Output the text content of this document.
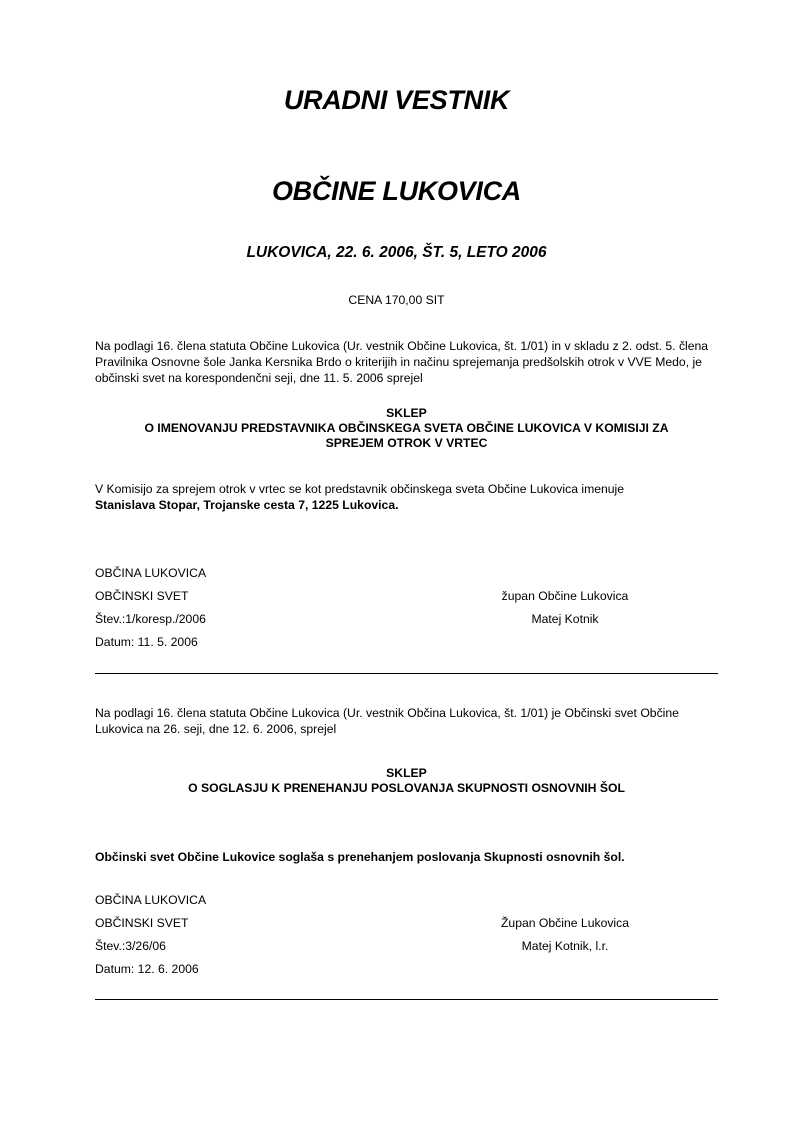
URADNI VESTNIK
OBČINE LUKOVICA
LUKOVICA, 22. 6. 2006, ŠT. 5, LETO 2006
CENA 170,00 SIT
Na podlagi 16. člena statuta Občine Lukovica (Ur. vestnik Občine Lukovica, št. 1/01) in v skladu z 2. odst. 5. člena Pravilnika Osnovne šole Janka Kersnika Brdo o kriterijih in načinu sprejemanja predšolskih otrok v VVE Medo, je občinski svet na korespondenčni seji, dne 11. 5. 2006 sprejel
SKLEP
O IMENOVANJU PREDSTAVNIKA OBČINSKEGA SVETA OBČINE LUKOVICA V KOMISIJI ZA
SPREJEM OTROK V VRTEC
V Komisijo za sprejem otrok v vrtec se kot predstavnik občinskega sveta Občine Lukovica imenuje
Stanislava Stopar, Trojanske cesta 7, 1225 Lukovica.
OBČINA LUKOVICA
OBČINSKI SVET
Štev.:1/koresp./2006
Datum: 11. 5. 2006
župan Občine Lukovica
Matej Kotnik
Na podlagi 16. člena statuta Občine Lukovica (Ur. vestnik Občina Lukovica, št. 1/01) je Občinski svet Občine Lukovica na 26. seji, dne 12. 6. 2006, sprejel
SKLEP
O SOGLASJU K PRENEHANJU POSLOVANJA SKUPNOSTI OSNOVNIH ŠOL
Občinski svet Občine Lukovice soglaša s prenehanjem poslovanja Skupnosti osnovnih šol.
OBČINA LUKOVICA
OBČINSKI SVET
Štev.:3/26/06
Datum: 12. 6. 2006
Župan Občine Lukovica
Matej Kotnik, l.r.
